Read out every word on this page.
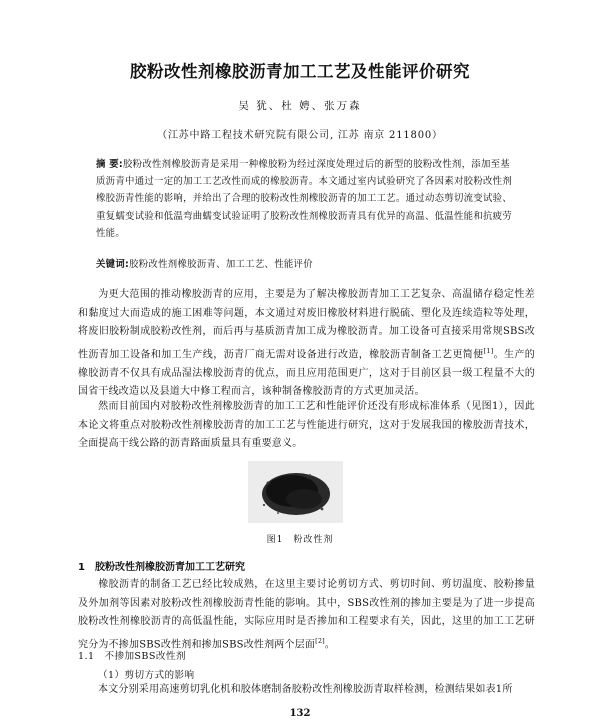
胶粉改性剂橡胶沥青加工工艺及性能评价研究
吴 犹、杜 娉、张万森
（江苏中路工程技术研究院有限公司, 江苏 南京 211800）
摘 要:胶粉改性剂橡胶沥青是采用一种橡胶粉为经过深度处理过后的新型的胶粉改性剂，添加至基质沥青中通过一定的加工工艺改性而成的橡胶沥青。本文通过室内试验研究了各因素对胶粉改性剂橡胶沥青性能的影响，并给出了合理的胶粉改性剂橡胶沥青的加工工艺。通过动态剪切流变试验、重复蠕变试验和低温弯曲蠕变试验证明了胶粉改性剂橡胶沥青具有优异的高温、低温性能和抗疲劳性能。
关键词:胶粉改性剂橡胶沥青、加工工艺、性能评价
为更大范围的推动橡胶沥青的应用，主要是为了解决橡胶沥青加工工艺复杂、高温储存稳定性差和黏度过大而造成的施工困难等问题，本文通过对废旧橡胶材料进行脱硫、塑化及连续造粒等处理，将废旧胶粉制成胶粉改性剂，而后再与基质沥青加工成为橡胶沥青。加工设备可直接采用常规SBS改性沥青加工设备和加工生产线，沥青厂商无需对设备进行改造，橡胶沥青制备工艺更简便[1]。生产的橡胶沥青不仅具有成品湿法橡胶沥青的优点，而且应用范围更广，这对于目前区县一级工程量不大的国省干线改造以及县道大中修工程而言，该种制备橡胶沥青的方式更加灵活。
然而目前国内对胶粉改性剂橡胶沥青的加工工艺和性能评价还没有形成标准体系（见图1），因此本论文将重点对胶粉改性剂橡胶沥青的加工工艺与性能进行研究，这对于发展我国的橡胶沥青技术，全面提高干线公路的沥青路面质量具有重要意义。
图1　粉改性剂
1　胶粉改性剂橡胶沥青加工工艺研究
橡胶沥青的制备工艺已经比较成熟，在这里主要讨论剪切方式、剪切时间、剪切温度、胶粉掺量及外加剂等因素对胶粉改性剂橡胶沥青性能的影响。其中，SBS改性剂的掺加主要是为了进一步提高胶粉改性剂橡胶沥青的高低温性能，实际应用时是否掺加和工程要求有关，因此，这里的加工工艺研究分为不掺加SBS改性剂和掺加SBS改性剂两个层面[2]。
1.1　不掺加SBS改性剂
（1）剪切方式的影响
本文分别采用高速剪切乳化机和胶体磨制备胶粉改性剂橡胶沥青取样检测，检测结果如表1所
132
